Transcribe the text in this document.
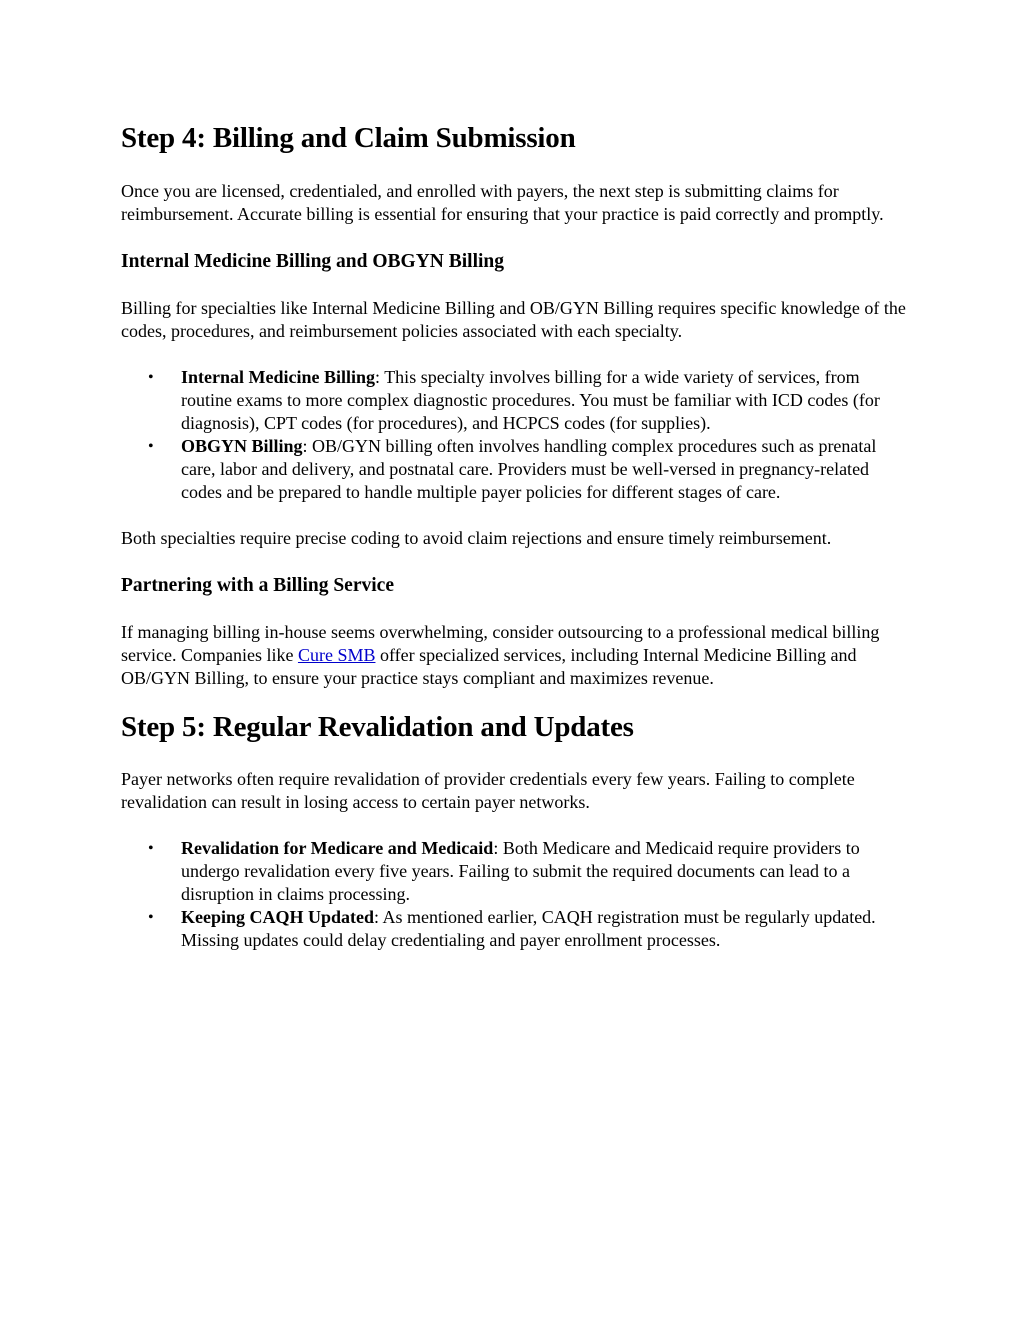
Step 4: Billing and Claim Submission

Once you are licensed, credentialed, and enrolled with payers, the next step is submitting claims for reimbursement. Accurate billing is essential for ensuring that your practice is paid correctly and promptly.

Internal Medicine Billing and OBGYN Billing

Billing for specialties like Internal Medicine Billing and OB/GYN Billing requires specific knowledge of the codes, procedures, and reimbursement policies associated with each specialty.

• Internal Medicine Billing: This specialty involves billing for a wide variety of services, from routine exams to more complex diagnostic procedures. You must be familiar with ICD codes (for diagnosis), CPT codes (for procedures), and HCPCS codes (for supplies).
• OBGYN Billing: OB/GYN billing often involves handling complex procedures such as prenatal care, labor and delivery, and postnatal care. Providers must be well-versed in pregnancy-related codes and be prepared to handle multiple payer policies for different stages of care.

Both specialties require precise coding to avoid claim rejections and ensure timely reimbursement.

Partnering with a Billing Service

If managing billing in-house seems overwhelming, consider outsourcing to a professional medical billing service. Companies like Cure SMB offer specialized services, including Internal Medicine Billing and OB/GYN Billing, to ensure your practice stays compliant and maximizes revenue.

Step 5: Regular Revalidation and Updates

Payer networks often require revalidation of provider credentials every few years. Failing to complete revalidation can result in losing access to certain payer networks.

• Revalidation for Medicare and Medicaid: Both Medicare and Medicaid require providers to undergo revalidation every five years. Failing to submit the required documents can lead to a disruption in claims processing.
• Keeping CAQH Updated: As mentioned earlier, CAQH registration must be regularly updated. Missing updates could delay credentialing and payer enrollment processes.
